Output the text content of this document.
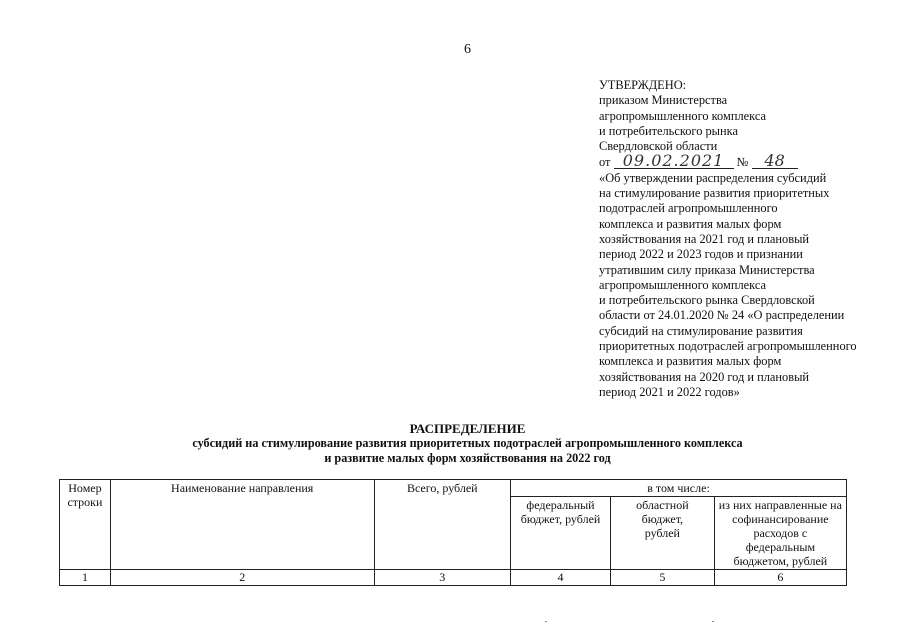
6
УТВЕРЖДЕНО:
приказом Министерства
агропромышленного комплекса
и потребительского рынка
Свердловской области
от 09.02.2021 № 48
«Об утверждении распределения субсидий
на стимулирование развития приоритетных
подотраслей агропромышленного
комплекса и развития малых форм
хозяйствования на 2021 год и плановый
период 2022 и 2023 годов и признании
утратившим силу приказа Министерства
агропромышленного комплекса
и потребительского рынка Свердловской
области от 24.01.2020 № 24 «О распределении
субсидий на стимулирование развития
приоритетных подотраслей агропромышленного
комплекса и развития малых форм
хозяйствования на 2020 год и плановый
период 2021 и 2022 годов»
РАСПРЕДЕЛЕНИЕ
субсидий на стимулирование развития приоритетных подотраслей агропромышленного комплекса
и развитие малых форм хозяйствования на 2022 год
Номер строки	Наименование направления	Всего, рублей	в том числе:		
			федеральный бюджет, рублей	областной бюджет, рублей	из них направленные на софинансирование расходов с федеральным бюджетом, рублей
1	2	3	4	5	6
